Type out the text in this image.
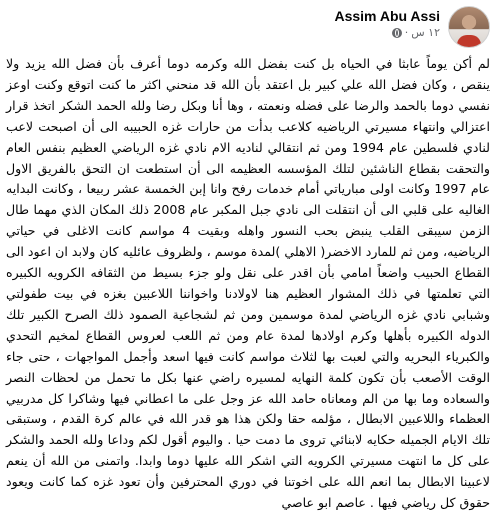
Assim Abu Assi
١٢ س
·

لم أكن يوماً عابثا في الحياه بل كنت بفضل الله وكرمه دوما أعرف بأن فضل الله يزيد ولا ينقص ، وكان فضل الله علي كبير بل اعتقد بأن الله قد منحني اكثر ما كنت اتوقع وكنت اوعز نفسي دوما بالحمد والرضا على فضله ونعمته ، وها أنا وبكل رضا ولله الحمد الشكر اتخذ قرار اعتزالي وانتهاء مسيرتي الرياضيه كلاعب بدأت من حارات غزه الحبيبه الى أن اصبحت لاعب لنادي فلسطين عام 1994 ومن ثم انتقالي لناديه الام نادي غزه الرياضي العظيم بنفس العام والتحقت بقطاع الناشئين لتلك المؤسسه العظيمه الى أن استطعت ان التحق بالفريق الاول عام 1997 وكانت اولى مبارياتي أمام خدمات رفح وانا إبن الخمسة عشر ربيعا ، وكانت البدايه الغاليه على قلبي الى أن انتقلت الى نادي جبل المكبر عام 2008 ذلك المكان الذي مهما طال الزمن سيبقى القلب ينبض بحب النسور واهله وبقيت 4 مواسم كانت الاغلى في حياتي الرياضيه، ومن ثم للمارد الاخضر( الاهلي )لمدة موسم ، ولظروف عائليه كان ولابد ان اعود الى القطاع الحبيب واضعاً امامي بأن اقدر على نقل ولو جزء بسيط من الثقافه الكرويه الكبيره التي تعلمتها في ذلك المشوار العظيم هنا لاولادنا واخواننا اللاعبين بغزه في بيت طفولتي وشبابي نادي غزه الرياضي لمدة موسمين ومن ثم لشجاعية الصمود ذلك الصرح الكبير تلك الدوله الكبيره بأهلها وكرم اولادها لمدة عام ومن ثم اللعب لعروس القطاع لمخيم التحدي والكبرياء البحريه والتي لعبت بها لثلاث مواسم كانت فيها اسعد وأجمل المواجهات ، حتى جاء الوقت الأصعب بأن تكون كلمة النهايه لمسيره راضي عنها بكل ما تحمل من لحظات النصر والسعاده وما بها من الم ومعاناه حامد الله عز وجل على ما اعطاني فيها وشاكرا كل مدربيي العظماء واللاعبين الابطال ، مؤلمه حقا ولكن هذا هو قدر الله في عالم كرة القدم ، وستبقى تلك الايام الجميله حكايه لابنائي تروى ما دمت حيا . واليوم أقول لكم وداعا ولله الحمد والشكر على كل ما انتهت مسيرتي الكرويه التي اشكر الله عليها دوما وابدا. واتمنى من الله أن ينعم لاعبينا الابطال بما انعم الله على اخوتنا في دوري المحترفين وأن تعود غزه كما كانت ويعود حقوق كل رياضي فيها . عاصم ابو عاصي
